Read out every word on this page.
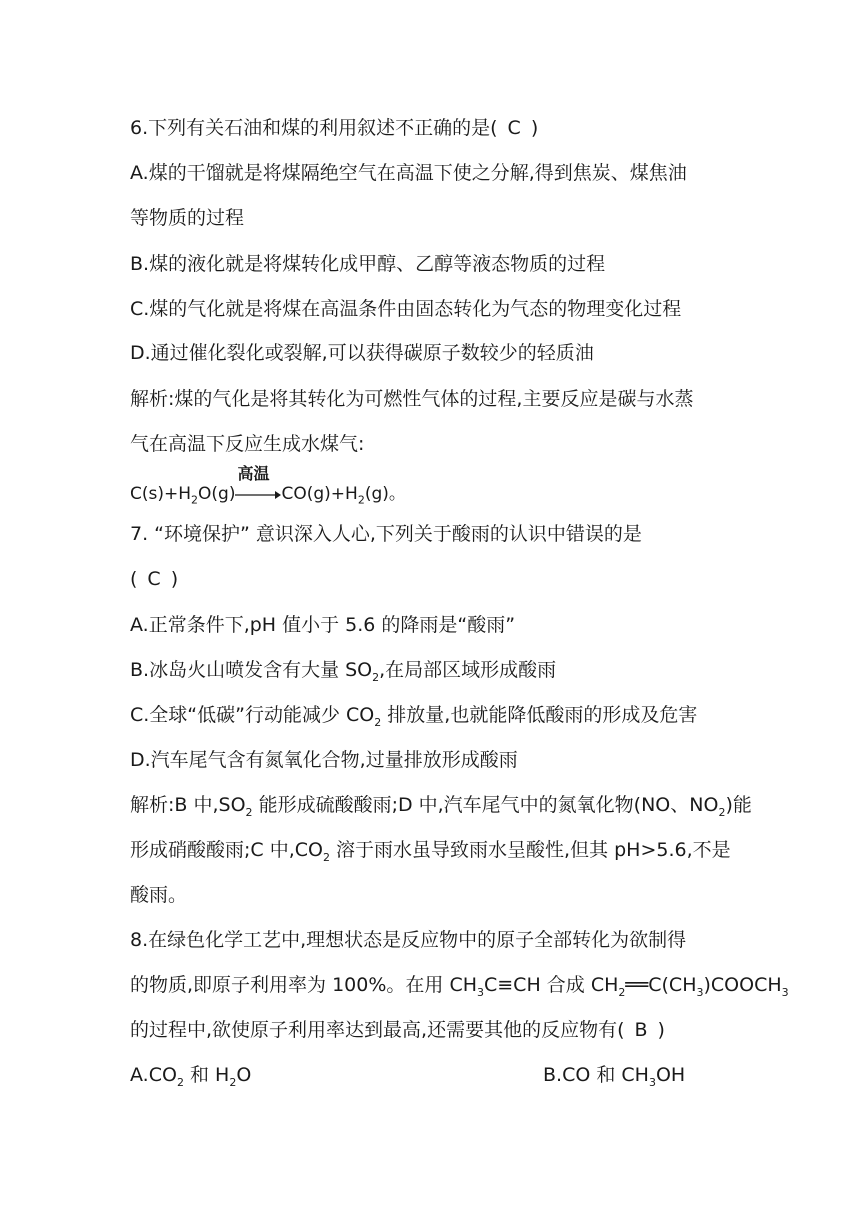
6.下列有关石油和煤的利用叙述不正确的是( C )
A.煤的干馏就是将煤隔绝空气在高温下使之分解,得到焦炭、煤焦油
等物质的过程
B.煤的液化就是将煤转化成甲醇、乙醇等液态物质的过程
C.煤的气化就是将煤在高温条件由固态转化为气态的物理变化过程
D.通过催化裂化或裂解,可以获得碳原子数较少的轻质油
解析:煤的气化是将其转化为可燃性气体的过程,主要反应是碳与水蒸
气在高温下反应生成水煤气:
$C(s)+H_2O(g)$
高温
$CO(g)+H_2(g)$。
7. “环境保护” 意识深入人心,下列关于酸雨的认识中错误的是
( C )
A.正常条件下,pH 值小于 5.6 的降雨是“酸雨”
B.冰岛火山喷发含有大量 $SO_2$,在局部区域形成酸雨
C.全球“低碳”行动能减少 $CO_2$ 排放量,也就能降低酸雨的形成及危害
D.汽车尾气含有氮氧化合物,过量排放形成酸雨
解析:B 中$,SO_2$ 能形成硫酸酸雨;D 中,汽车尾气中的氮氧化物(NO、$NO_2$)能
形成硝酸酸雨;C 中$,CO_2$ 溶于雨水虽导致雨水呈酸性,但其 pH>5.6,不是
酸雨。
8.在绿色化学工艺中,理想状态是反应物中的原子全部转化为欲制得
的物质,即原子利用率为 100%。在用 $CH_3C\equiv CH$ 合成 $CH_2══C(CH_3)COOCH_3$
的过程中,欲使原子利用率达到最高,还需要其他的反应物有( B )
$A.CO_2$ 和 $H_2O$	B.CO 和 $CH_3OH$
